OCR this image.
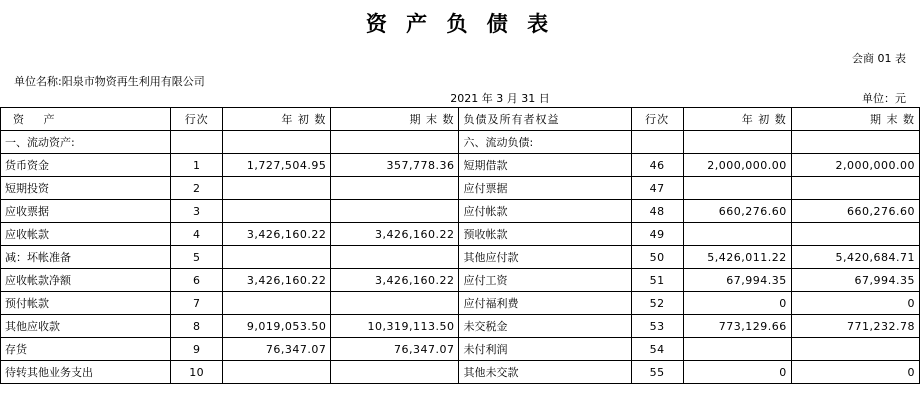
资 产 负 债 表
会商 01 表
单位名称:阳泉市物资再生利用有限公司
2021 年 3 月 31 日	单位：元
资 产	行次	年 初 数	期 末 数	负债及所有者权益	行次	年 初 数	期 末 数
一、流动资产:				六、流动负债:			
货币资金	1	1,727,504.95	357,778.36	短期借款	46	2,000,000.00	2,000,000.00
短期投资	2			应付票据	47		
应收票据	3			应付帐款	48	660,276.60	660,276.60
应收帐款	4	3,426,160.22	3,426,160.22	预收帐款	49		
减：坏帐准备	5			其他应付款	50	5,426,011.22	5,420,684.71
应收帐款净额	6	3,426,160.22	3,426,160.22	应付工资	51	67,994.35	67,994.35
预付帐款	7			应付福利费	52	0	0
其他应收款	8	9,019,053.50	10,319,113.50	未交税金	53	773,129.66	771,232.78
存货	9	76,347.07	76,347.07	未付利润	54		
待转其他业务支出	10			其他未交款	55	0	0
